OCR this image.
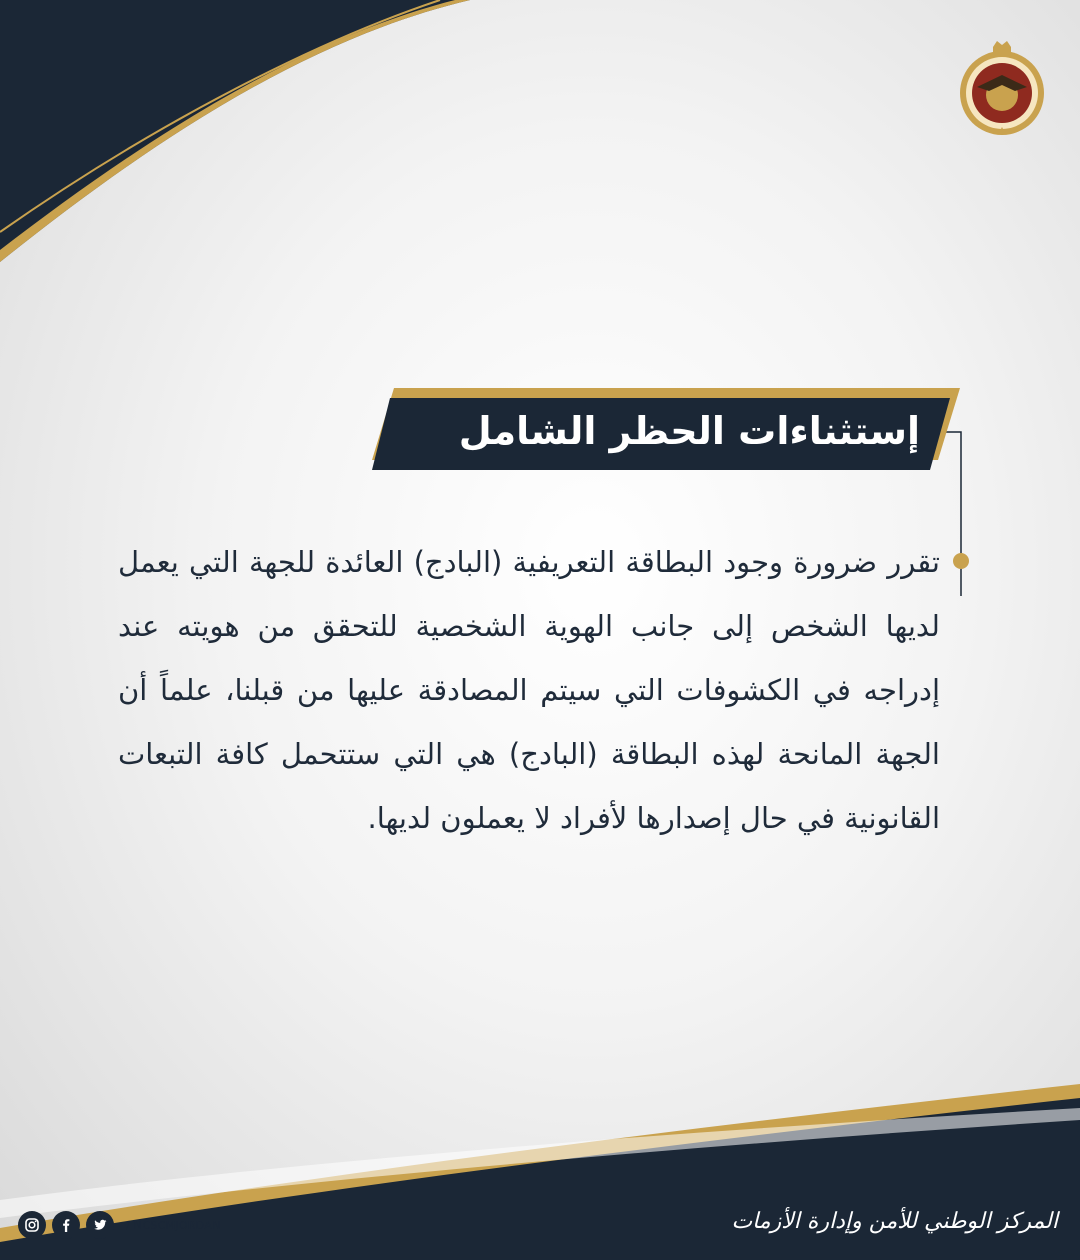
إستثناءات الحظر الشامل
تقرر ضرورة وجود البطاقة التعريفية (البادج) العائدة للجهة التي يعمل لديها الشخص إلى جانب الهوية الشخصية للتحقق من هويته عند إدراجه في الكشوفات التي سيتم المصادقة عليها من قبلنا، علماً أن الجهة المانحة لهذه البطاقة (البادج) هي التي ستتحمل كافة التبعات القانونية في حال إصدارها لأفراد لا يعملون لديها.
/ NCSCMJORDAN	المركز الوطني للأمن وإدارة الأزمات
